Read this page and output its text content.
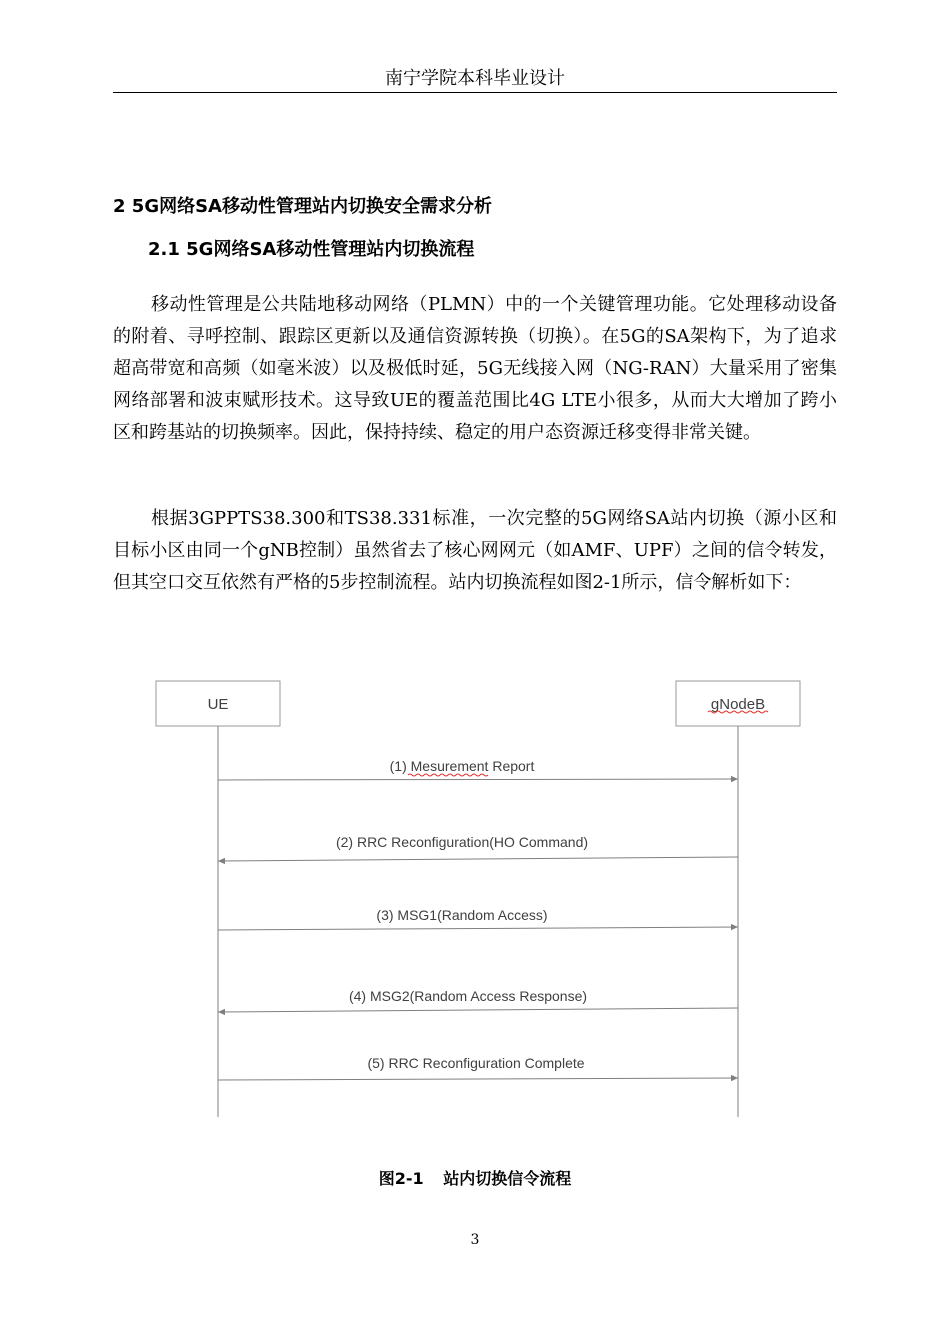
南宁学院本科毕业设计
2 5G网络SA移动性管理站内切换安全需求分析
2.1 5G网络SA移动性管理站内切换流程

移动性管理是公共陆地移动网络（PLMN）中的一个关键管理功能。它处理移动设备的附着、寻呼控制、跟踪区更新以及通信资源转换（切换）。在5G的SA架构下，为了追求超高带宽和高频（如毫米波）以及极低时延，5G无线接入网（NG-RAN）大量采用了密集网络部署和波束赋形技术。这导致UE的覆盖范围比4G LTE小很多，从而大大增加了跨小区和跨基站的切换频率。因此，保持持续、稳定的用户态资源迁移变得非常关键。

根据3GPPTS38.300和TS38.331标准，一次完整的5G网络SA站内切换（源小区和目标小区由同一个gNB控制）虽然省去了核心网网元（如AMF、UPF）之间的信令转发，但其空口交互依然有严格的5步控制流程。站内切换流程如图2-1所示，信令解析如下：

UE	gNodeB
(1) Mesurement Report
(2) RRC Reconfiguration(HO Command)
(3) MSG1(Random Access)
(4) MSG2(Random Access Response)
(5) RRC Reconfiguration Complete
图2-1 站内切换信令流程
3
